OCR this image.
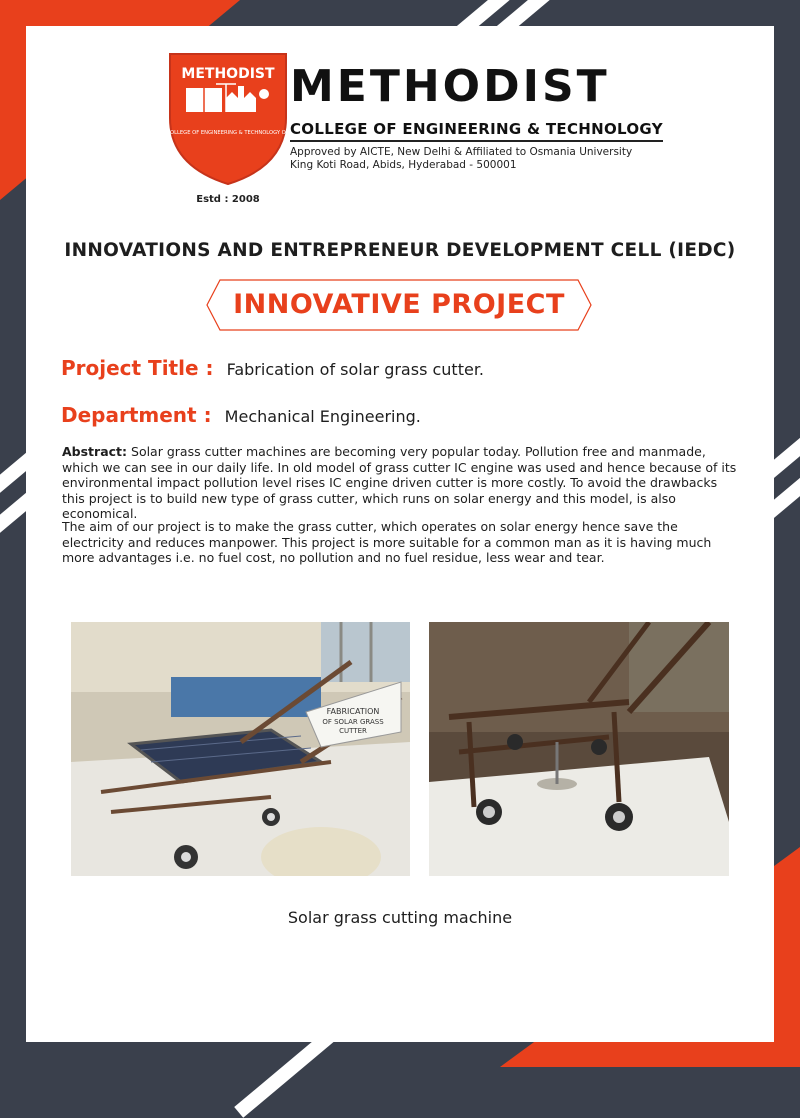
METHODIST
COLLEGE OF ENGINEERING & TECHNOLOGY OU
Estd : 2008
METHODIST
COLLEGE OF ENGINEERING & TECHNOLOGY
Approved by AICTE, New Delhi & Affiliated to Osmania University
King Koti Road, Abids, Hyderabad - 500001
INNOVATIONS AND ENTREPRENEUR DEVELOPMENT CELL (IEDC)
INNOVATIVE PROJECT
Project Title : Fabrication of solar grass cutter.
Department : Mechanical Engineering.
Abstract: Solar grass cutter machines are becoming very popular today. Pollution free and manmade, which we can see in our daily life. In old model of grass cutter IC engine was used and hence because of its environmental impact pollution level rises IC engine driven cutter is more costly. To avoid the drawbacks this project is to build new type of grass cutter, which runs on solar energy and this model, is also economical.
The aim of our project is to make the grass cutter, which operates on solar energy hence save the electricity and reduces manpower. This project is more suitable for a common man as it is having much more advantages i.e. no fuel cost, no pollution and no fuel residue, less wear and tear.
FABRICATION
OF SOLAR GRASS
CUTTER
Solar grass cutting machine
